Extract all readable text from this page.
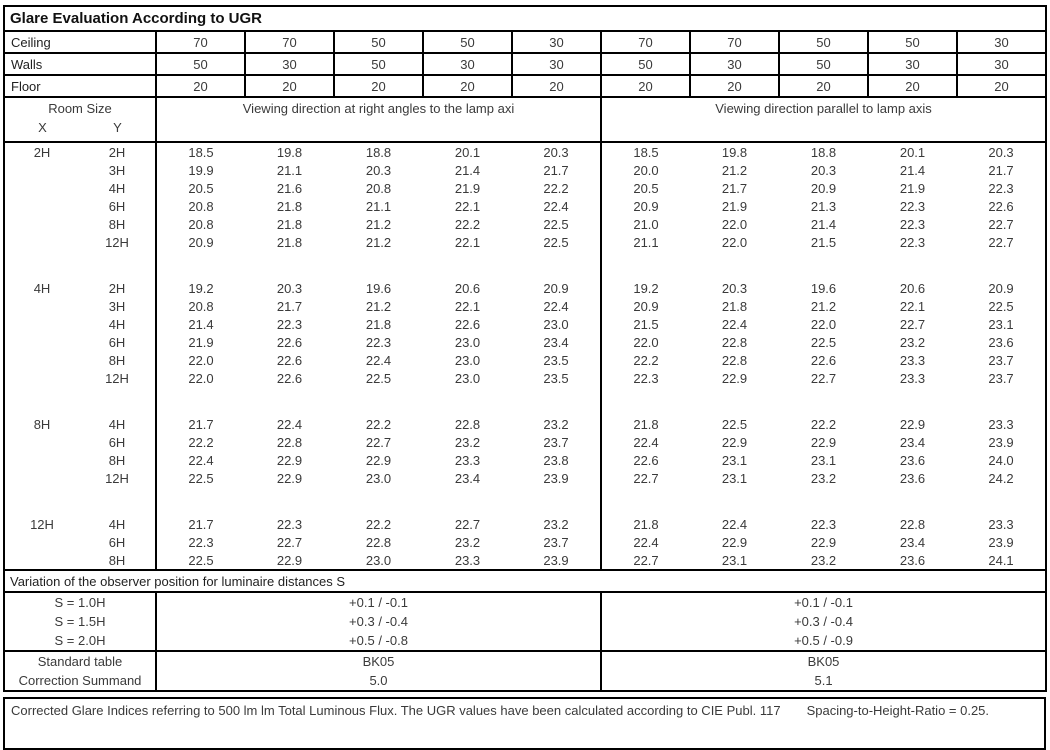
Glare Evaluation According to UGR											
Ceiling		70	70	50	50	30	70	70	50	50	30
Walls		50	30	50	30	30	50	30	50	30	30
Floor		20	20	20	20	20	20	20	20	20	20

Room Size
X Y		Viewing direction at right angles to the lamp axi					Viewing direction parallel to lamp axis				
2H	2H	18.5	19.8	18.8	20.1	20.3	18.5	19.8	18.8	20.1	20.3
	3H	19.9	21.1	20.3	21.4	21.7	20.0	21.2	20.3	21.4	21.7
	4H	20.5	21.6	20.8	21.9	22.2	20.5	21.7	20.9	21.9	22.3
	6H	20.8	21.8	21.1	22.1	22.4	20.9	21.9	21.3	22.3	22.6
	8H	20.8	21.8	21.2	22.2	22.5	21.0	22.0	21.4	22.3	22.7
	12H	20.9	21.8	21.2	22.1	22.5	21.1	22.0	21.5	22.3	22.7

4H	2H	19.2	20.3	19.6	20.6	20.9	19.2	20.3	19.6	20.6	20.9
	3H	20.8	21.7	21.2	22.1	22.4	20.9	21.8	21.2	22.1	22.5
	4H	21.4	22.3	21.8	22.6	23.0	21.5	22.4	22.0	22.7	23.1
	6H	21.9	22.6	22.3	23.0	23.4	22.0	22.8	22.5	23.2	23.6
	8H	22.0	22.6	22.4	23.0	23.5	22.2	22.8	22.6	23.3	23.7
	12H	22.0	22.6	22.5	23.0	23.5	22.3	22.9	22.7	23.3	23.7

8H	4H	21.7	22.4	22.2	22.8	23.2	21.8	22.5	22.2	22.9	23.3
	6H	22.2	22.8	22.7	23.2	23.7	22.4	22.9	22.9	23.4	23.9
	8H	22.4	22.9	22.9	23.3	23.8	22.6	23.1	23.1	23.6	24.0
	12H	22.5	22.9	23.0	23.4	23.9	22.7	23.1	23.2	23.6	24.2

12H	4H	21.7	22.3	22.2	22.7	23.2	21.8	22.4	22.3	22.8	23.3
	6H	22.3	22.7	22.8	23.2	23.7	22.4	22.9	22.9	23.4	23.9
	8H	22.5	22.9	23.0	23.3	23.9	22.7	23.1	23.2	23.6	24.1
Variation of the observer position for luminaire distances S											
S = 1.0H		+0.1 / -0.1					+0.1 / -0.1				
S = 1.5H		+0.3 / -0.4					+0.3 / -0.4				
S = 2.0H		+0.5 / -0.8					+0.5 / -0.9				
Standard table		BK05					BK05				
Correction Summand		5.0					5.1				
Corrected Glare Indices referring to 500 lm lm Total Luminous Flux. The UGR values have been calculated according to CIE Publ. 117 Spacing-to-Height-Ratio = 0.25.
